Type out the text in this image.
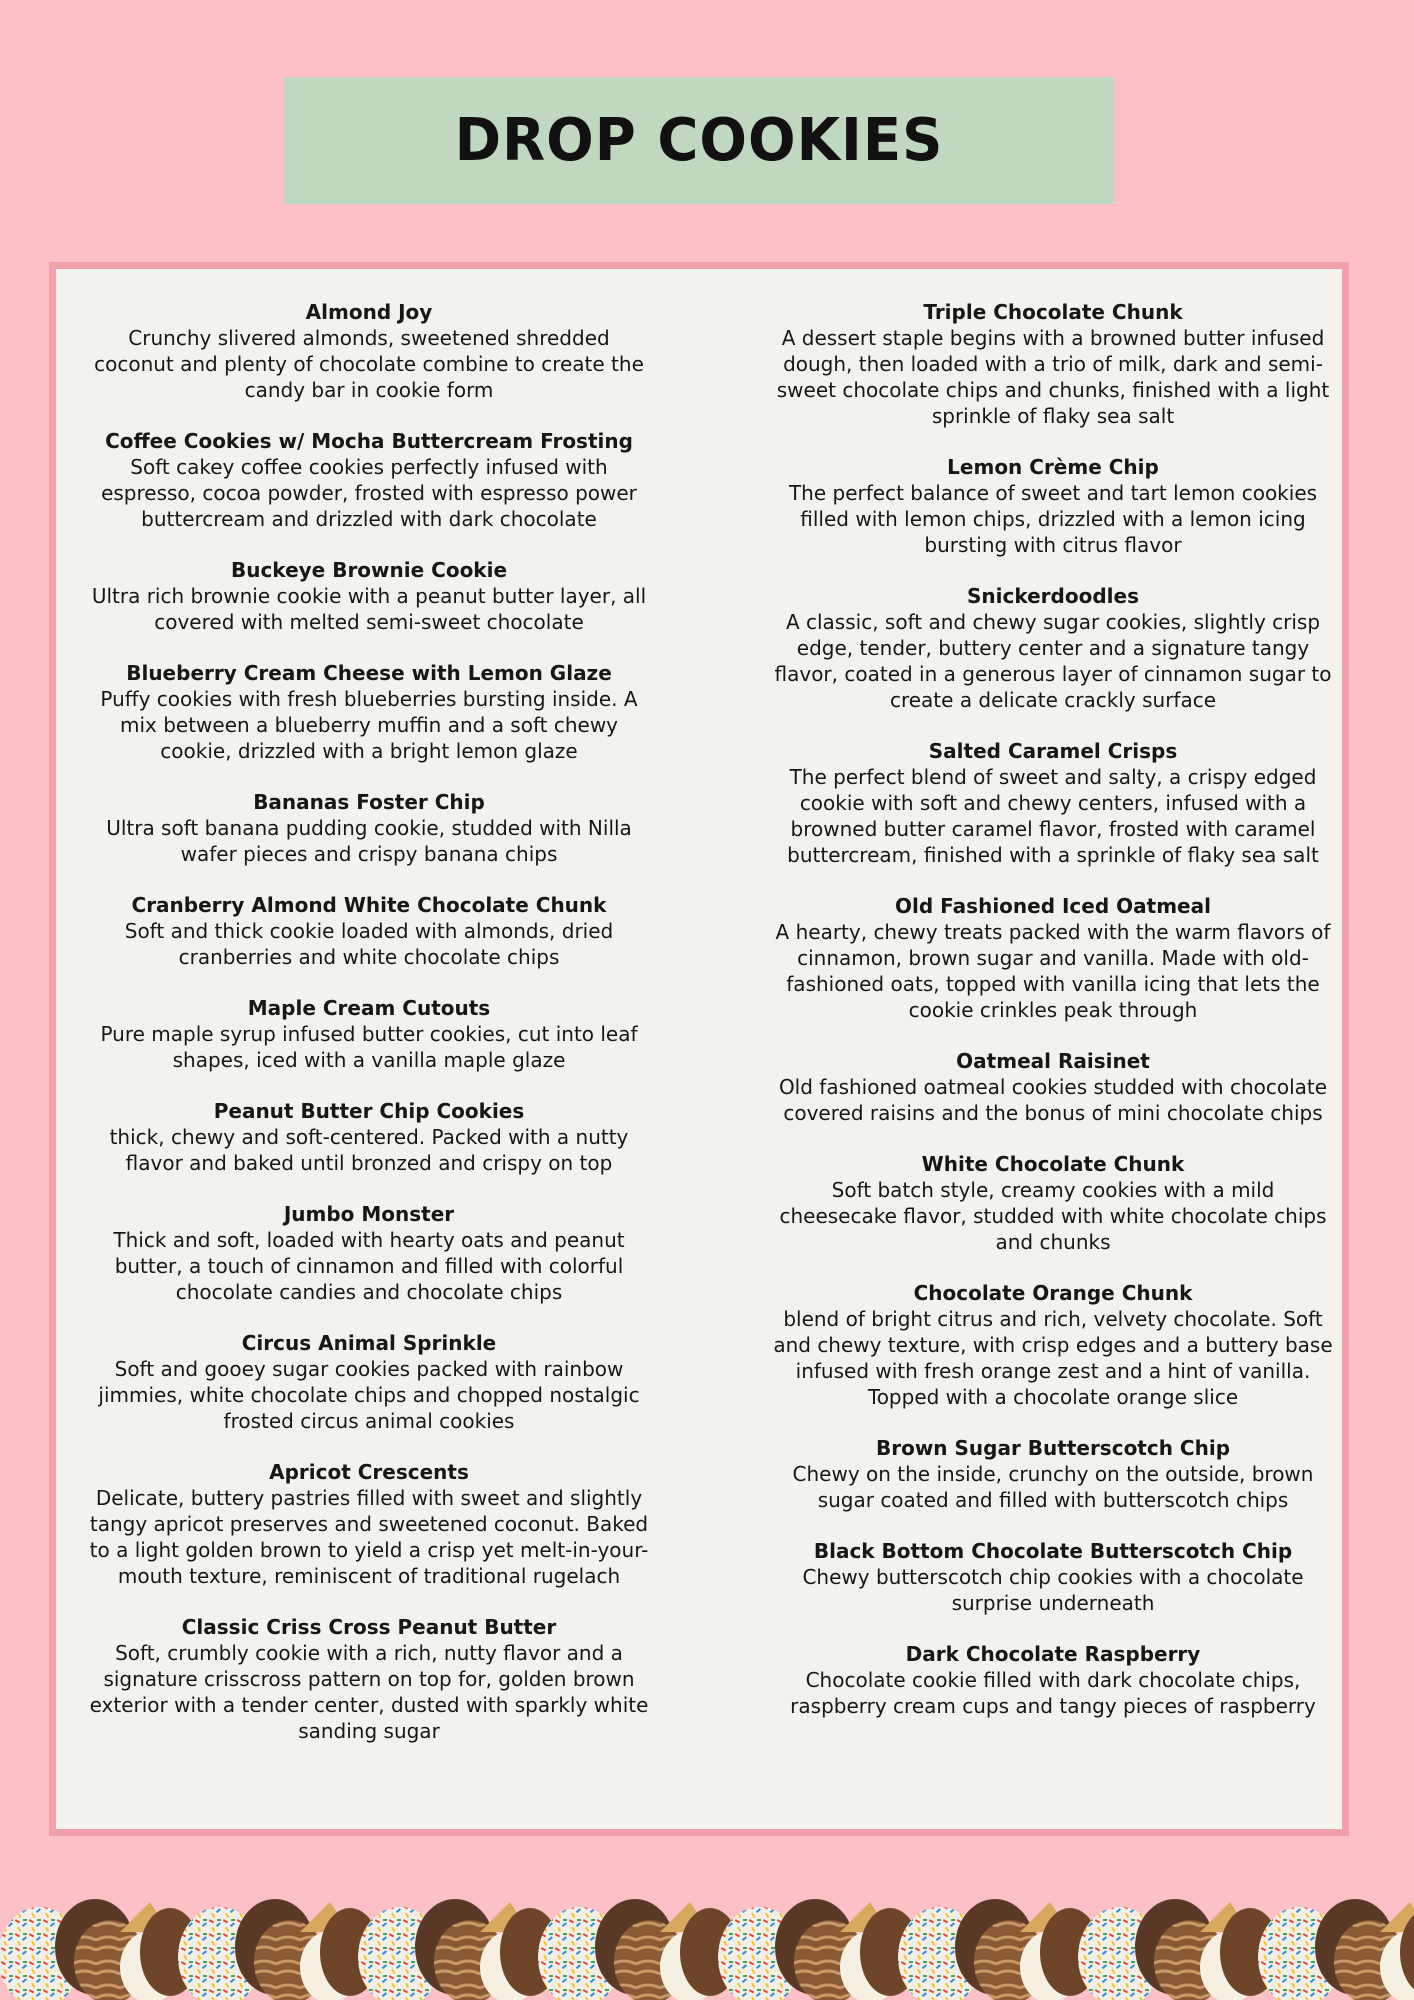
DROP COOKIES
Almond Joy
Crunchy slivered almonds, sweetened shredded coconut and plenty of chocolate combine to create the candy bar in cookie form
Coffee Cookies w/ Mocha Buttercream Frosting
Soft cakey coffee cookies perfectly infused with espresso, cocoa powder, frosted with espresso power buttercream and drizzled with dark chocolate
Buckeye Brownie Cookie
Ultra rich brownie cookie with a peanut butter layer, all covered with melted semi-sweet chocolate
Blueberry Cream Cheese with Lemon Glaze
Puffy cookies with fresh blueberries bursting inside. A mix between a blueberry muffin and a soft chewy cookie, drizzled with a bright lemon glaze
Bananas Foster Chip
Ultra soft banana pudding cookie, studded with Nilla wafer pieces and crispy banana chips
Cranberry Almond White Chocolate Chunk
Soft and thick cookie loaded with almonds, dried cranberries and white chocolate chips
Maple Cream Cutouts
Pure maple syrup infused butter cookies, cut into leaf shapes, iced with a vanilla maple glaze
Peanut Butter Chip Cookies
thick, chewy and soft-centered. Packed with a nutty flavor and baked until bronzed and crispy on top
Jumbo Monster
Thick and soft, loaded with hearty oats and peanut butter, a touch of cinnamon and filled with colorful chocolate candies and chocolate chips
Circus Animal Sprinkle
Soft and gooey sugar cookies packed with rainbow jimmies, white chocolate chips and chopped nostalgic frosted circus animal cookies
Apricot Crescents
Delicate, buttery pastries filled with sweet and slightly tangy apricot preserves and sweetened coconut. Baked to a light golden brown to yield a crisp yet melt-in-your-mouth texture, reminiscent of traditional rugelach
Classic Criss Cross Peanut Butter
Soft, crumbly cookie with a rich, nutty flavor and a signature crisscross pattern on top for, golden brown exterior with a tender center, dusted with sparkly white sanding sugar
Triple Chocolate Chunk
A dessert staple begins with a browned butter infused dough, then loaded with a trio of milk, dark and semi-sweet chocolate chips and chunks, finished with a light sprinkle of flaky sea salt
Lemon Crème Chip
The perfect balance of sweet and tart lemon cookies filled with lemon chips, drizzled with a lemon icing bursting with citrus flavor
Snickerdoodles
A classic, soft and chewy sugar cookies, slightly crisp edge, tender, buttery center and a signature tangy flavor, coated in a generous layer of cinnamon sugar to create a delicate crackly surface
Salted Caramel Crisps
The perfect blend of sweet and salty, a crispy edged cookie with soft and chewy centers, infused with a browned butter caramel flavor, frosted with caramel buttercream, finished with a sprinkle of flaky sea salt
Old Fashioned Iced Oatmeal
A hearty, chewy treats packed with the warm flavors of cinnamon, brown sugar and vanilla. Made with old-fashioned oats, topped with vanilla icing that lets the cookie crinkles peak through
Oatmeal Raisinet
Old fashioned oatmeal cookies studded with chocolate covered raisins and the bonus of mini chocolate chips
White Chocolate Chunk
Soft batch style, creamy cookies with a mild cheesecake flavor, studded with white chocolate chips and chunks
Chocolate Orange Chunk
blend of bright citrus and rich, velvety chocolate. Soft and chewy texture, with crisp edges and a buttery base infused with fresh orange zest and a hint of vanilla. Topped with a chocolate orange slice
Brown Sugar Butterscotch Chip
Chewy on the inside, crunchy on the outside, brown sugar coated and filled with butterscotch chips
Black Bottom Chocolate Butterscotch Chip
Chewy butterscotch chip cookies with a chocolate surprise underneath
Dark Chocolate Raspberry
Chocolate cookie filled with dark chocolate chips, raspberry cream cups and tangy pieces of raspberry
